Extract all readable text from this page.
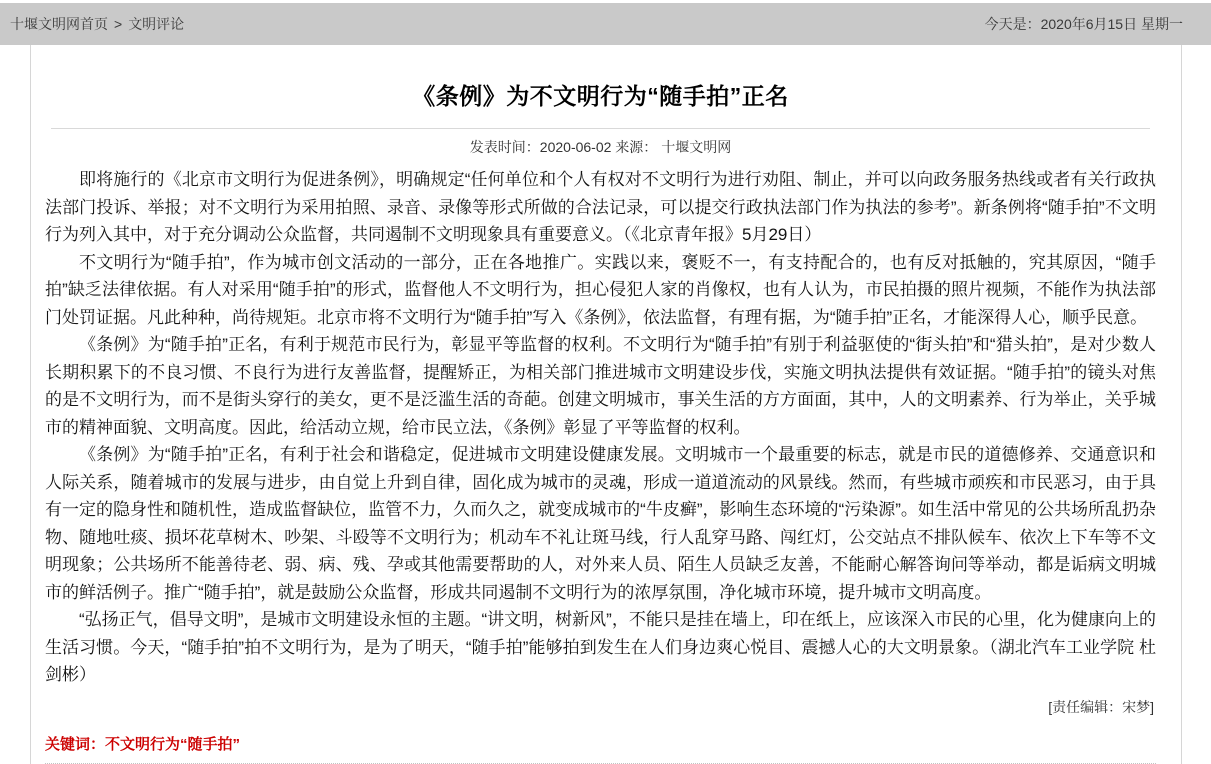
十堰文明网首页 > 文明评论	今天是：2020年6月15日 星期一
《条例》为不文明行为“随手拍”正名
发表时间：2020-06-02 来源： 十堰文明网

即将施行的《北京市文明行为促进条例》，明确规定“任何单位和个人有权对不文明行为进行劝阻、制止，并可以向政务服务热线或者有关行政执法部门投诉、举报；对不文明行为采用拍照、录音、录像等形式所做的合法记录，可以提交行政执法部门作为执法的参考”。新条例将“随手拍”不文明行为列入其中，对于充分调动公众监督，共同遏制不文明现象具有重要意义。（《北京青年报》5月29日）

不文明行为“随手拍”，作为城市创文活动的一部分，正在各地推广。实践以来，褒贬不一，有支持配合的，也有反对抵触的，究其原因，“随手拍”缺乏法律依据。有人对采用“随手拍”的形式，监督他人不文明行为，担心侵犯人家的肖像权，也有人认为，市民拍摄的照片视频，不能作为执法部门处罚证据。凡此种种，尚待规矩。北京市将不文明行为“随手拍”写入《条例》，依法监督，有理有据，为“随手拍”正名，才能深得人心，顺乎民意。

《条例》为“随手拍”正名，有利于规范市民行为，彰显平等监督的权利。不文明行为“随手拍”有别于利益驱使的“街头拍”和“猎头拍”，是对少数人长期积累下的不良习惯、不良行为进行友善监督，提醒矫正，为相关部门推进城市文明建设步伐，实施文明执法提供有效证据。“随手拍”的镜头对焦的是不文明行为，而不是街头穿行的美女，更不是泛滥生活的奇葩。创建文明城市，事关生活的方方面面，其中，人的文明素养、行为举止，关乎城市的精神面貌、文明高度。因此，给活动立规，给市民立法，《条例》彰显了平等监督的权利。

《条例》为“随手拍”正名，有利于社会和谐稳定，促进城市文明建设健康发展。文明城市一个最重要的标志，就是市民的道德修养、交通意识和人际关系，随着城市的发展与进步，由自觉上升到自律，固化成为城市的灵魂，形成一道道流动的风景线。然而，有些城市顽疾和市民恶习，由于具有一定的隐身性和随机性，造成监督缺位，监管不力，久而久之，就变成城市的“牛皮癣”，影响生态环境的“污染源”。如生活中常见的公共场所乱扔杂物、随地吐痰、损坏花草树木、吵架、斗殴等不文明行为；机动车不礼让斑马线，行人乱穿马路、闯红灯，公交站点不排队候车、依次上下车等不文明现象；公共场所不能善待老、弱、病、残、孕或其他需要帮助的人，对外来人员、陌生人员缺乏友善，不能耐心解答询问等举动，都是诟病文明城市的鲜活例子。推广“随手拍”，就是鼓励公众监督，形成共同遏制不文明行为的浓厚氛围，净化城市环境，提升城市文明高度。

“弘扬正气，倡导文明”，是城市文明建设永恒的主题。“讲文明，树新风”，不能只是挂在墙上，印在纸上，应该深入市民的心里，化为健康向上的生活习惯。今天，“随手拍”拍不文明行为，是为了明天，“随手拍”能够拍到发生在人们身边爽心悦目、震撼人心的大文明景象。（湖北汽车工业学院 杜剑彬）

[责任编辑：宋梦]
关键词：不文明行为“随手拍”
